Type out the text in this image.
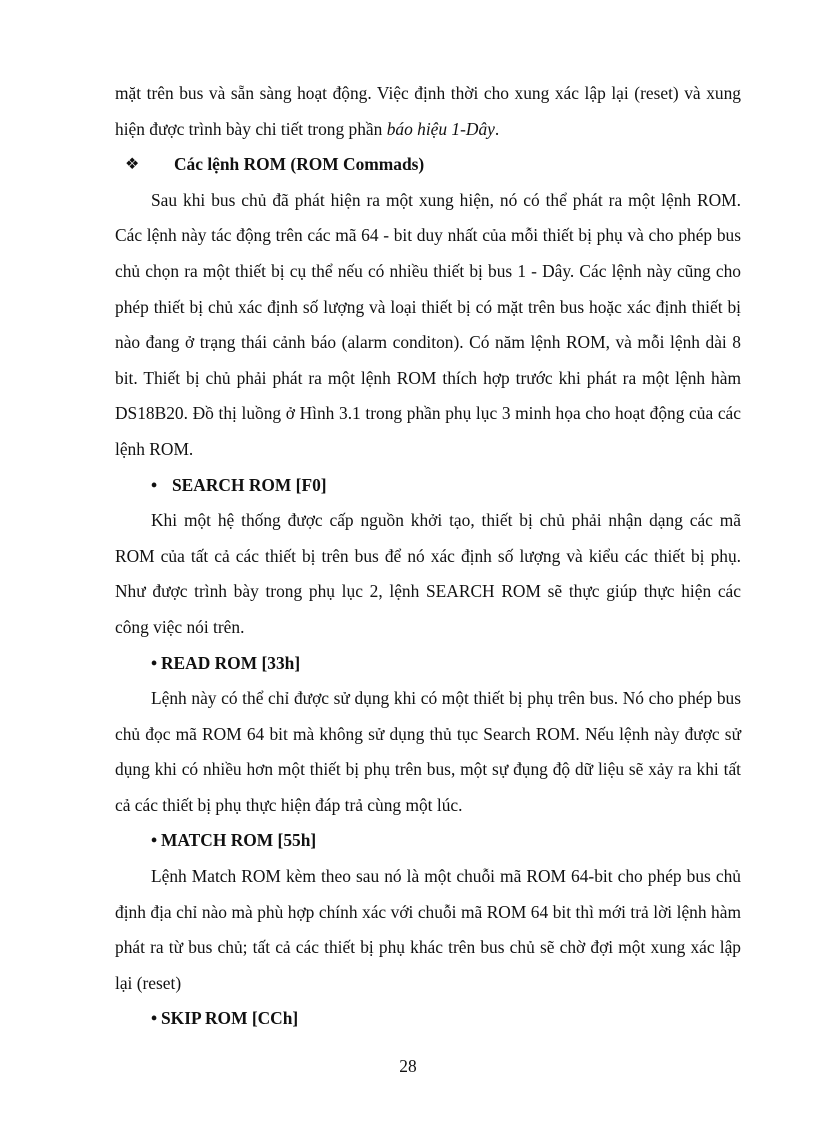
mặt trên bus và sẵn sàng hoạt động. Việc định thời cho xung xác lập lại (reset) và xung hiện được trình bày chi tiết trong phần báo hiệu 1-Dây.

❖ Các lệnh ROM (ROM Commads)

Sau khi bus chủ đã phát hiện ra một xung hiện, nó có thể phát ra một lệnh ROM. Các lệnh này tác động trên các mã 64 - bit duy nhất của mỗi thiết bị phụ và cho phép bus chủ chọn ra một thiết bị cụ thể nếu có nhiều thiết bị bus 1 - Dây. Các lệnh này cũng cho phép thiết bị chủ xác định số lượng và loại thiết bị có mặt trên bus hoặc xác định thiết bị nào đang ở trạng thái cảnh báo (alarm conditon). Có năm lệnh ROM, và mỗi lệnh dài 8 bit. Thiết bị chủ phải phát ra một lệnh ROM thích hợp trước khi phát ra một lệnh hàm DS18B20. Đồ thị luồng ở Hình 3.1 trong phần phụ lục 3 minh họa cho hoạt động của các lệnh ROM.

• SEARCH ROM [F0]

Khi một hệ thống được cấp nguồn khởi tạo, thiết bị chủ phải nhận dạng các mã ROM của tất cả các thiết bị trên bus để nó xác định số lượng và kiểu các thiết bị phụ. Như được trình bày trong phụ lục 2, lệnh SEARCH ROM sẽ thực giúp thực hiện các công việc nói trên.

• READ ROM [33h]

Lệnh này có thể chỉ được sử dụng khi có một thiết bị phụ trên bus. Nó cho phép bus chủ đọc mã ROM 64 bit mà không sử dụng thủ tục Search ROM. Nếu lệnh này được sử dụng khi có nhiều hơn một thiết bị phụ trên bus, một sự đụng độ dữ liệu sẽ xảy ra khi tất cả các thiết bị phụ thực hiện đáp trả cùng một lúc.

• MATCH ROM [55h]

Lệnh Match ROM kèm theo sau nó là một chuỗi mã ROM 64-bit cho phép bus chủ định địa chỉ nào mà phù hợp chính xác với chuỗi mã ROM 64 bit thì mới trả lời lệnh hàm phát ra từ bus chủ; tất cả các thiết bị phụ khác trên bus chủ sẽ chờ đợi một xung xác lập lại (reset)

• SKIP ROM [CCh]
28
